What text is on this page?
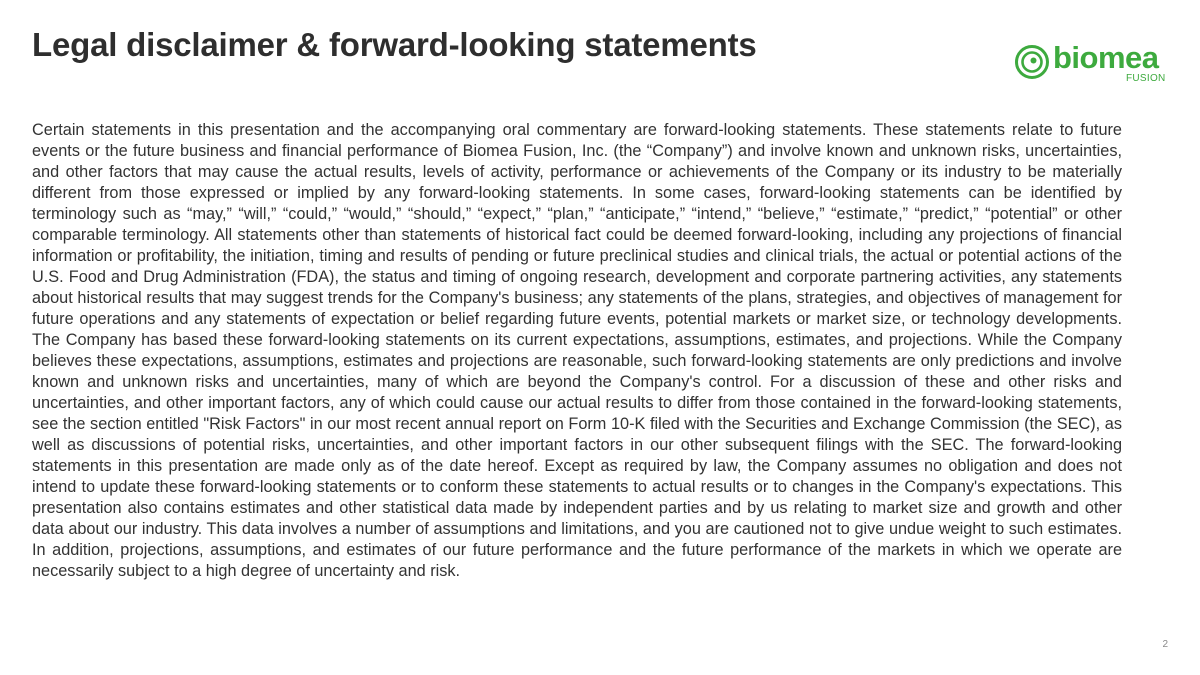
Legal disclaimer & forward-looking statements	biomea
FUSION

Certain statements in this presentation and the accompanying oral commentary are forward-looking statements. These statements relate to future events or the future business and financial performance of Biomea Fusion, Inc. (the “Company”) and involve known and unknown risks, uncertainties, and other factors that may cause the actual results, levels of activity, performance or achievements of the Company or its industry to be materially different from those expressed or implied by any forward-looking statements. In some cases, forward-looking statements can be identified by terminology such as “may,” “will,” “could,” “would,” “should,” “expect,” “plan,” “anticipate,” “intend,” “believe,” “estimate,” “predict,” “potential” or other comparable terminology. All statements other than statements of historical fact could be deemed forward-looking, including any projections of financial information or profitability, the initiation, timing and results of pending or future preclinical studies and clinical trials, the actual or potential actions of the U.S. Food and Drug Administration (FDA), the status and timing of ongoing research, development and corporate partnering activities, any statements about historical results that may suggest trends for the Company's business; any statements of the plans, strategies, and objectives of management for future operations and any statements of expectation or belief regarding future events, potential markets or market size, or technology developments. The Company has based these forward-looking statements on its current expectations, assumptions, estimates, and projections. While the Company believes these expectations, assumptions, estimates and projections are reasonable, such forward-looking statements are only predictions and involve known and unknown risks and uncertainties, many of which are beyond the Company's control. For a discussion of these and other risks and uncertainties, and other important factors, any of which could cause our actual results to differ from those contained in the forward-looking statements, see the section entitled "Risk Factors" in our most recent annual report on Form 10-K filed with the Securities and Exchange Commission (the SEC), as well as discussions of potential risks, uncertainties, and other important factors in our other subsequent filings with the SEC. The forward-looking statements in this presentation are made only as of the date hereof. Except as required by law, the Company assumes no obligation and does not intend to update these forward-looking statements or to conform these statements to actual results or to changes in the Company's expectations. This presentation also contains estimates and other statistical data made by independent parties and by us relating to market size and growth and other data about our industry. This data involves a number of assumptions and limitations, and you are cautioned not to give undue weight to such estimates. In addition, projections, assumptions, and estimates of our future performance and the future performance of the markets in which we operate are necessarily subject to a high degree of uncertainty and risk.

2
